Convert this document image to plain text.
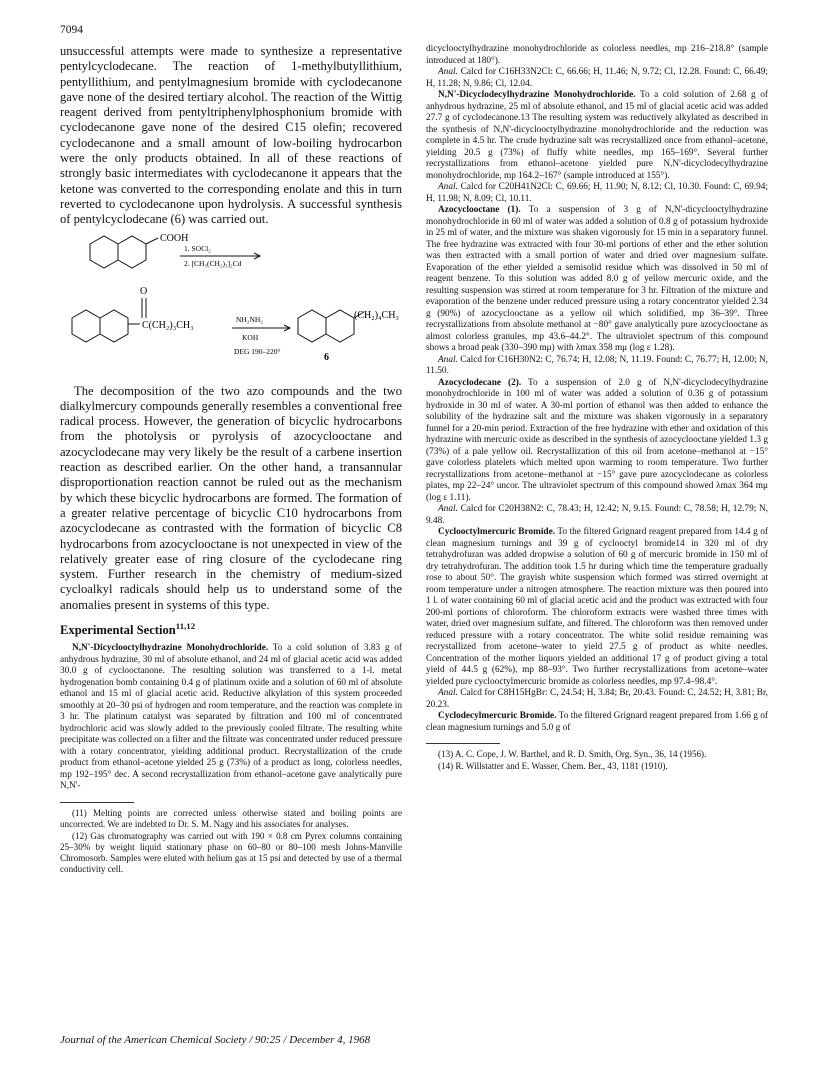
7094

unsuccessful attempts were made to synthesize a representative pentylcyclodecane. The reaction of 1-methylbutyllithium, pentyllithium, and pentylmagnesium bromide with cyclodecanone gave none of the desired tertiary alcohol. The reaction of the Wittig reagent derived from pentyltriphenylphosphonium bromide with cyclodecanone gave none of the desired C15 olefin; recovered cyclodecanone and a small amount of low-boiling hydrocarbon were the only products obtained. In all of these reactions of strongly basic intermediates with cyclodecanone it appears that the ketone was converted to the corresponding enolate and this in turn reverted to cyclodecanone upon hydrolysis. A successful synthesis of pentylcyclodecane (6) was carried out.

COOH
1. SOCl₂
2. [CH₃(CH₂)₃]₂Cd
O
C(CH₂)₃CH₃
NH₂NH₂
KOH
DEG 190–220°
(CH₂)₄CH₃
6

The decomposition of the two azo compounds and the two dialkylmercury compounds generally resembles a conventional free radical process. However, the generation of bicyclic hydrocarbons from the photolysis or pyrolysis of azocyclooctane and azocyclodecane may very likely be the result of a carbene insertion reaction as described earlier. On the other hand, a transannular disproportionation reaction cannot be ruled out as the mechanism by which these bicyclic hydrocarbons are formed. The formation of a greater relative percentage of bicyclic C10 hydrocarbons from azocyclodecane as contrasted with the formation of bicyclic C8 hydrocarbons from azocyclooctane is not unexpected in view of the relatively greater ease of ring closure of the cyclodecane ring system. Further research in the chemistry of medium-sized cycloalkyl radicals should help us to understand some of the anomalies present in systems of this type.

Experimental Section$^{11,12}$

N,N'-Dicyclooctylhydrazine Monohydrochloride. To a cold solution of 3.83 g of anhydrous hydrazine, 30 ml of absolute ethanol, and 24 ml of glacial acetic acid was added 30.0 g of cyclooctanone. The resulting solution was transferred to a 1-l. metal hydrogenation bomb containing 0.4 g of platinum oxide and a solution of 60 ml of absolute ethanol and 15 ml of glacial acetic acid. Reductive alkylation of this system proceeded smoothly at 20–30 psi of hydrogen and room temperature, and the reaction was complete in 3 hr. The platinum catalyst was separated by filtration and 100 ml of concentrated hydrochloric acid was slowly added to the previously cooled filtrate. The resulting white precipitate was collected on a filter and the filtrate was concentrated under reduced pressure with a rotary concentrator, yielding additional product. Recrystallization of the crude product from ethanol–acetone yielded 25 g (73%) of a product as long, colorless needles, mp 192–195° dec. A second recrystallization from ethanol–acetone gave analytically pure N,N'-

(11) Melting points are corrected unless otherwise stated and boiling points are uncorrected. We are indebted to Dr. S. M. Nagy and his associates for analyses.

(12) Gas chromatography was carried out with 190 × 0.8 cm Pyrex columns containing 25–30% by weight liquid stationary phase on 60–80 or 80–100 mesh Johns-Manville Chromosorb. Samples were eluted with helium gas at 15 psi and detected by use of a thermal conductivity cell.

dicyclooctylhydrazine monohydrochloride as colorless needles, mp 216–218.8° (sample introduced at 180°).

Anal. Calcd for C16H33N2Cl: C, 66.66; H, 11.46; N, 9.72; Cl, 12.28. Found: C, 66.49; H, 11.28; N, 9.86; Cl, 12.04.

N,N'-Dicyclodecylhydrazine Monohydrochloride. To a cold solution of 2.68 g of anhydrous hydrazine, 25 ml of absolute ethanol, and 15 ml of glacial acetic acid was added 27.7 g of cyclodecanone.13 The resulting system was reductively alkylated as described in the synthesis of N,N'-dicyclooctylhydrazine monohydrochloride and the reduction was complete in 4.5 hr. The crude hydrazine salt was recrystallized once from ethanol–acetone, yielding 20.5 g (73%) of fluffy white needles, mp 165–169°. Several further recrystallizations from ethanol–acetone yielded pure N,N'-dicyclodecylhydrazine monohydrochloride, mp 164.2–167° (sample introduced at 155°).

Anal. Calcd for C20H41N2Cl: C, 69.66; H, 11.90; N, 8.12; Cl, 10.30. Found: C, 69.94; H, 11.98; N, 8.09; Cl, 10.11.

Azocyclooctane (1). To a suspension of 3 g of N,N'-dicyclooctylhydrazine monohydrochloride in 60 ml of water was added a solution of 0.8 g of potassium hydroxide in 25 ml of water, and the mixture was shaken vigorously for 15 min in a separatory funnel. The free hydrazine was extracted with four 30-ml portions of ether and the ether solution was then extracted with a small portion of water and dried over magnesium sulfate. Evaporation of the ether yielded a semisolid residue which was dissolved in 50 ml of reagent benzene. To this solution was added 8.0 g of yellow mercuric oxide, and the resulting suspension was stirred at room temperature for 3 hr. Filtration of the mixture and evaporation of the benzene under reduced pressure using a rotary concentrator yielded 2.34 g (90%) of azocyclooctane as a yellow oil which solidified, mp 36–39°. Three recrystallizations from absolute methanol at −80° gave analytically pure azocyclooctane as almost colorless granules, mp 43.6–44.2°. The ultraviolet spectrum of this compound shows a broad peak (330–390 mμ) with λmax 358 mμ (log ε 1.28).

Anal. Calcd for C16H30N2: C, 76.74; H, 12.08; N, 11.19. Found: C, 76.77; H, 12.00; N, 11.50.

Azocyclodecane (2). To a suspension of 2.0 g of N,N'-dicyclodecylhydrazine monohydrochloride in 100 ml of water was added a solution of 0.36 g of potassium hydroxide in 30 ml of water. A 30-ml portion of ethanol was then added to enhance the solubility of the hydrazine salt and the mixture was shaken vigorously in a separatory funnel for a 20-min period. Extraction of the free hydrazine with ether and oxidation of this hydrazine with mercuric oxide as described in the synthesis of azocyclooctane yielded 1.3 g (73%) of a pale yellow oil. Recrystallization of this oil from acetone–methanol at −15° gave colorless platelets which melted upon warming to room temperature. Two further recrystallizations from acetone–methanol at −15° gave pure azocyclodecane as colorless plates, mp 22–24° uncor. The ultraviolet spectrum of this compound showed λmax 364 mμ (log ε 1.11).

Anal. Calcd for C20H38N2: C, 78.43; H, 12.42; N, 9.15. Found: C, 78.58; H, 12.79; N, 9.48.

Cyclooctylmercuric Bromide. To the filtered Grignard reagent prepared from 14.4 g of clean magnesium turnings and 39 g of cyclooctyl bromide14 in 320 ml of dry tetrahydrofuran was added dropwise a solution of 60 g of mercuric bromide in 150 ml of dry tetrahydrofuran. The addition took 1.5 hr during which time the temperature gradually rose to about 50°. The grayish white suspension which formed was stirred overnight at room temperature under a nitrogen atmosphere. The reaction mixture was then poured into 1 l. of water containing 60 ml of glacial acetic acid and the product was extracted with four 200-ml portions of chloroform. The chloroform extracts were washed three times with water, dried over magnesium sulfate, and filtered. The chloroform was then removed under reduced pressure with a rotary concentrator. The white solid residue remaining was recrystallized from acetone–water to yield 27.5 g of product as white needles. Concentration of the mother liquors yielded an additional 17 g of product giving a total yield of 44.5 g (62%), mp 88–93°. Two further recrystallizations from acetone–water yielded pure cyclooctylmercuric bromide as colorless needles, mp 97.4–98.4°.

Anal. Calcd for C8H15HgBr: C, 24.54; H, 3.84; Br, 20.43. Found: C, 24.52; H, 3.81; Br, 20.23.

Cyclodecylmercuric Bromide. To the filtered Grignard reagent prepared from 1.66 g of clean magnesium turnings and 5.0 g of

(13) A. C. Cope, J. W. Barthel, and R. D. Smith, Org. Syn., 36, 14 (1956).

(14) R. Willstatter and E. Wasser, Chem. Ber., 43, 1181 (1910).

Journal of the American Chemical Society / 90:25 / December 4, 1968
